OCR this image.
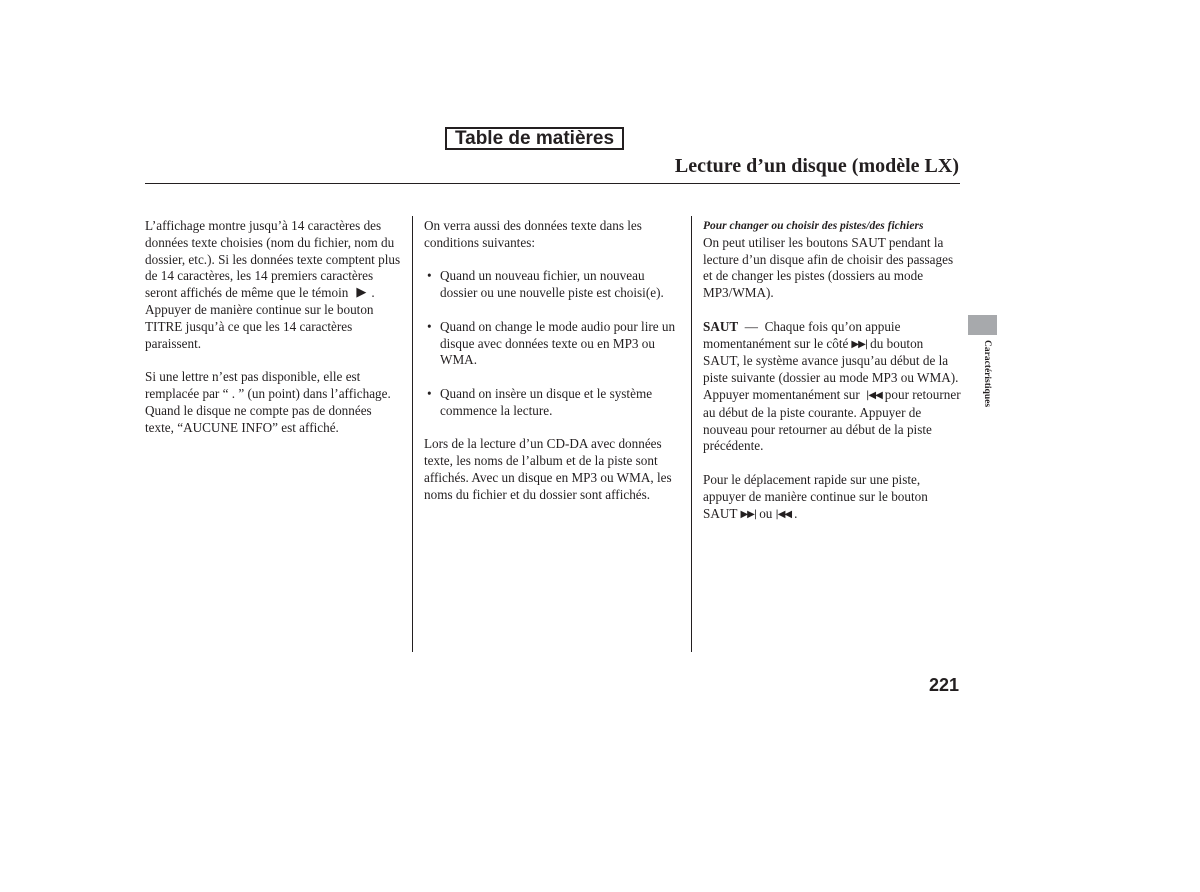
Table de matières
Lecture d’un disque (modèle LX)

L’affichage montre jusqu’à 14 caractères des données texte choisies (nom du fichier, nom du dossier, etc.). Si les données texte comptent plus de 14 caractères, les 14 premiers caractères seront affichés de même que le témoin ▶ . Appuyer de manière continue sur le bouton TITRE jusqu’à ce que les 14 caractères paraissent.

Si une lettre n’est pas disponible, elle est remplacée par “ . ” (un point) dans l’affichage. Quand le disque ne compte pas de données texte, “AUCUNE INFO” est affiché.

On verra aussi des données texte dans les conditions suivantes:

• Quand un nouveau fichier, un nouveau dossier ou une nouvelle piste est choisi(e).
• Quand on change le mode audio pour lire un disque avec données texte ou en MP3 ou WMA.
• Quand on insère un disque et le système commence la lecture.

Lors de la lecture d’un CD-DA avec données texte, les noms de l’album et de la piste sont affichés. Avec un disque en MP3 ou WMA, les noms du fichier et du dossier sont affichés.

Pour changer ou choisir des pistes/des fichiers

On peut utiliser les boutons SAUT pendant la lecture d’un disque afin de choisir des passages et de changer les pistes (dossiers au mode MP3/WMA).

SAUT — Chaque fois qu’on appuie momentanément sur le côté ▶▶| du bouton SAUT, le système avance jusqu’au début de la piste suivante (dossier au mode MP3 ou WMA). Appuyer momentanément sur |◀◀ pour retourner au début de la piste courante. Appuyer de nouveau pour retourner au début de la piste précédente.

Pour le déplacement rapide sur une piste, appuyer de manière continue sur le bouton SAUT ▶▶| ou |◀◀ .

Caractéristiques
221
